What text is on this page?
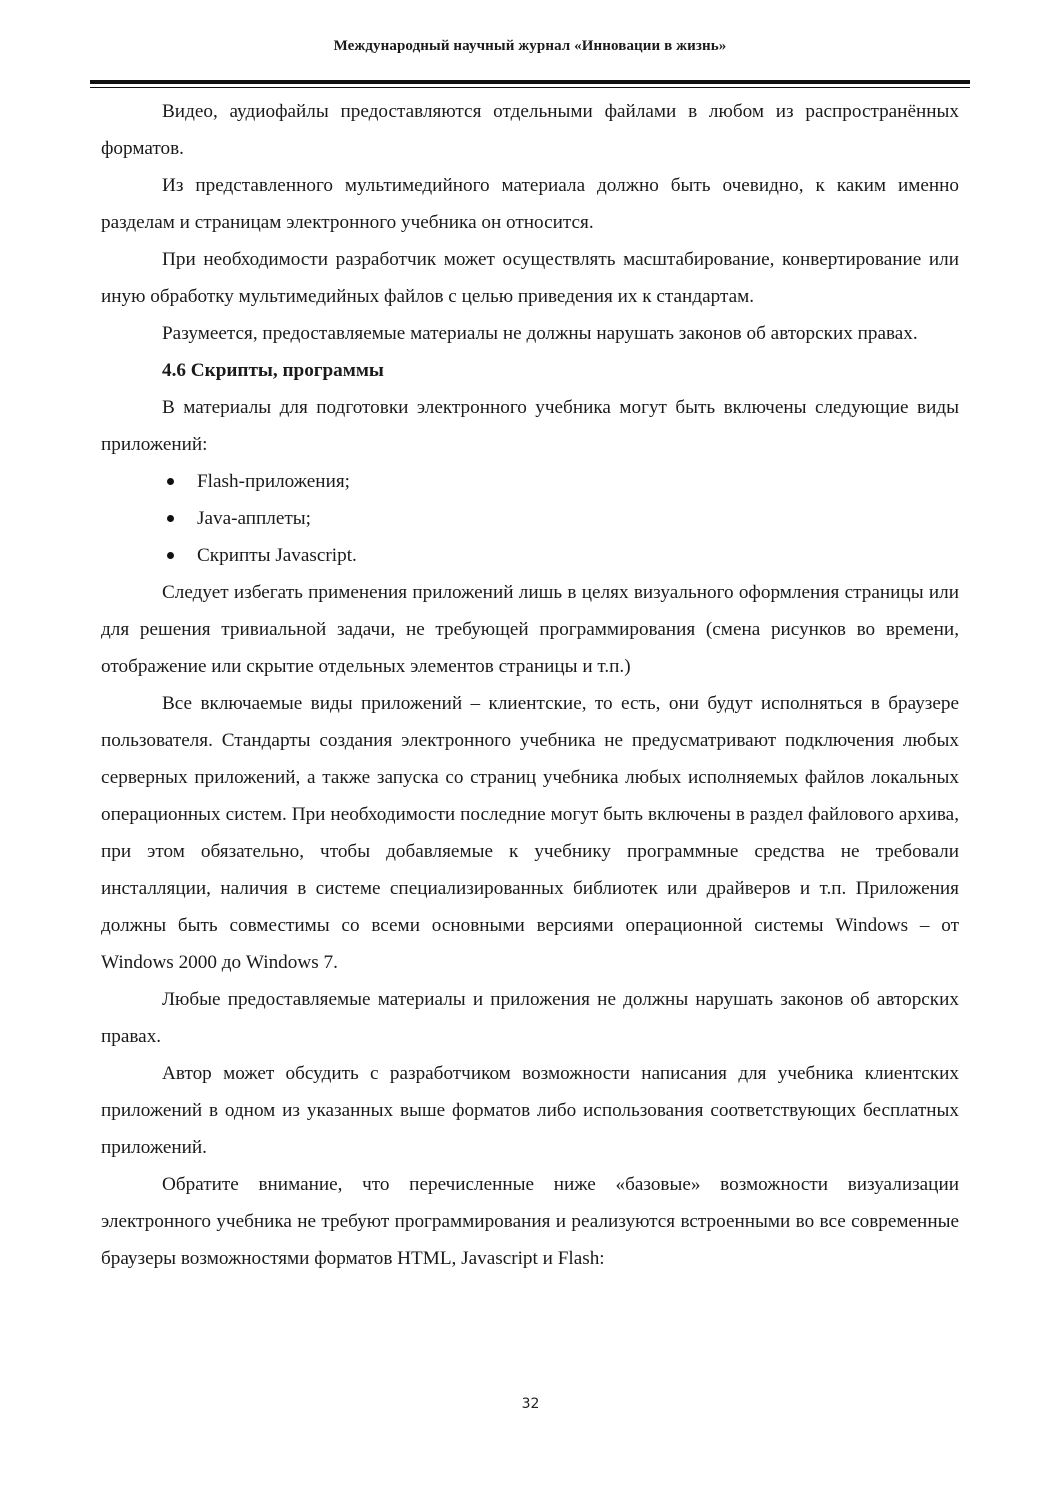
Международный научный журнал «Инновации в жизнь»

Видео, аудиофайлы предоставляются отдельными файлами в любом из распространённых форматов.

Из представленного мультимедийного материала должно быть очевидно, к каким именно разделам и страницам электронного учебника он относится.

При необходимости разработчик может осуществлять масштабирование, конвертирование или иную обработку мультимедийных файлов с целью приведения их к стандартам.

Разумеется, предоставляемые материалы не должны нарушать законов об авторских правах.

4.6 Скрипты, программы

В материалы для подготовки электронного учебника могут быть включены следующие виды приложений:

Flash-приложения;
Java-апплеты;
Скрипты Javascript.

Следует избегать применения приложений лишь в целях визуального оформления страницы или для решения тривиальной задачи, не требующей программирования (смена рисунков во времени, отображение или скрытие отдельных элементов страницы и т.п.)

Все включаемые виды приложений – клиентские, то есть, они будут исполняться в браузере пользователя. Стандарты создания электронного учебника не предусматривают подключения любых серверных приложений, а также запуска со страниц учебника любых исполняемых файлов локальных операционных систем. При необходимости последние могут быть включены в раздел файлового архива, при этом обязательно, чтобы добавляемые к учебнику программные средства не требовали инсталляции, наличия в системе специализированных библиотек или драйверов и т.п. Приложения должны быть совместимы со всеми основными версиями операционной системы Windows – от Windows 2000 до Windows 7.

Любые предоставляемые материалы и приложения не должны нарушать законов об авторских правах.

Автор может обсудить с разработчиком возможности написания для учебника клиентских приложений в одном из указанных выше форматов либо использования соответствующих бесплатных приложений.

Обратите внимание, что перечисленные ниже «базовые» возможности визуализации электронного учебника не требуют программирования и реализуются встроенными во все современные браузеры возможностями форматов HTML, Javascript и Flash:

32
